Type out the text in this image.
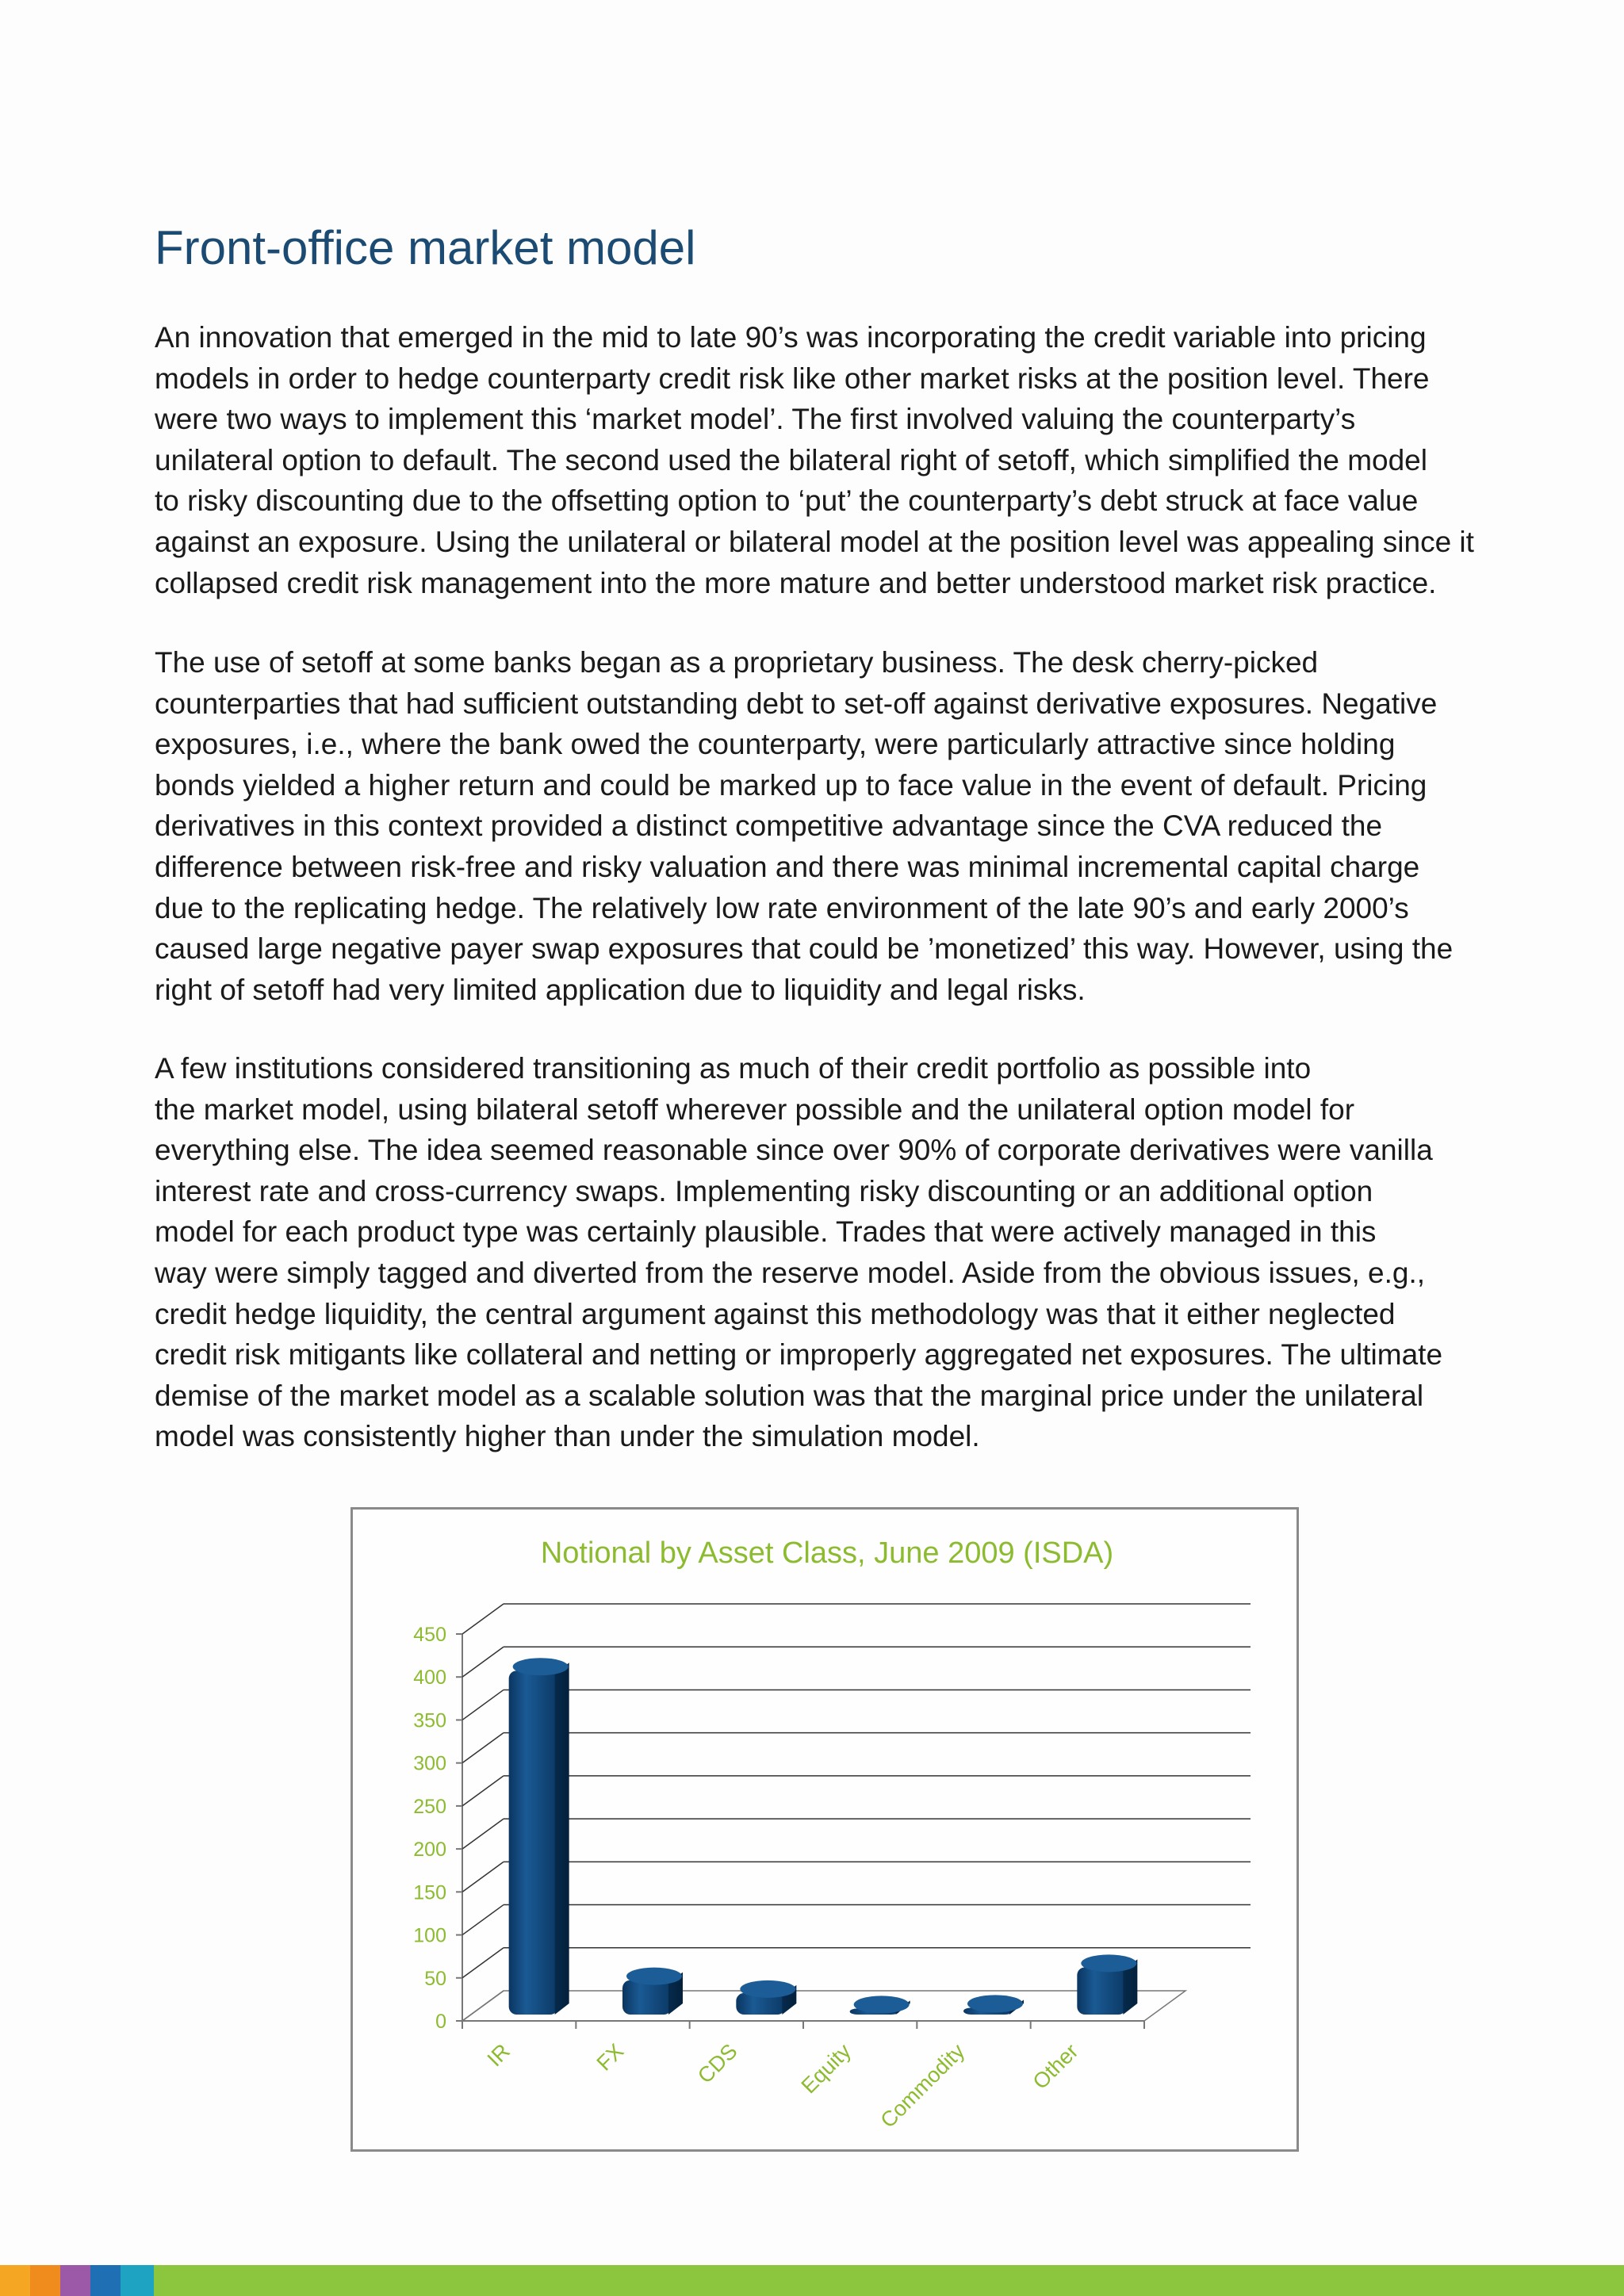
Front-office market model
An innovation that emerged in the mid to late 90’s was incorporating the credit variable into pricing
models in order to hedge counterparty credit risk like other market risks at the position level. There
were two ways to implement this ‘market model’. The first involved valuing the counterparty’s
unilateral option to default. The second used the bilateral right of setoff, which simplified the model
to risky discounting due to the offsetting option to ‘put’ the counterparty’s debt struck at face value
against an exposure. Using the unilateral or bilateral model at the position level was appealing since it
collapsed credit risk management into the more mature and better understood market risk practice.
The use of setoff at some banks began as a proprietary business. The desk cherry-picked
counterparties that had sufficient outstanding debt to set-off against derivative exposures. Negative
exposures, i.e., where the bank owed the counterparty, were particularly attractive since holding
bonds yielded a higher return and could be marked up to face value in the event of default. Pricing
derivatives in this context provided a distinct competitive advantage since the CVA reduced the
difference between risk-free and risky valuation and there was minimal incremental capital charge
due to the replicating hedge. The relatively low rate environment of the late 90’s and early 2000’s
caused large negative payer swap exposures that could be ’monetized’ this way. However, using the
right of setoff had very limited application due to liquidity and legal risks.
A few institutions considered transitioning as much of their credit portfolio as possible into
the market model, using bilateral setoff wherever possible and the unilateral option model for
everything else. The idea seemed reasonable since over 90% of corporate derivatives were vanilla
interest rate and cross-currency swaps. Implementing risky discounting or an additional option
model for each product type was certainly plausible. Trades that were actively managed in this
way were simply tagged and diverted from the reserve model. Aside from the obvious issues, e.g.,
credit hedge liquidity, the central argument against this methodology was that it either neglected
credit risk mitigants like collateral and netting or improperly aggregated net exposures. The ultimate
demise of the market model as a scalable solution was that the marginal price under the unilateral
model was consistently higher than under the simulation model.
Notional by Asset Class, June 2009 (ISDA)
0
50
100
150
200
250
300
350
400
450
IR	FX	CDS	Equity Commodity	Other
